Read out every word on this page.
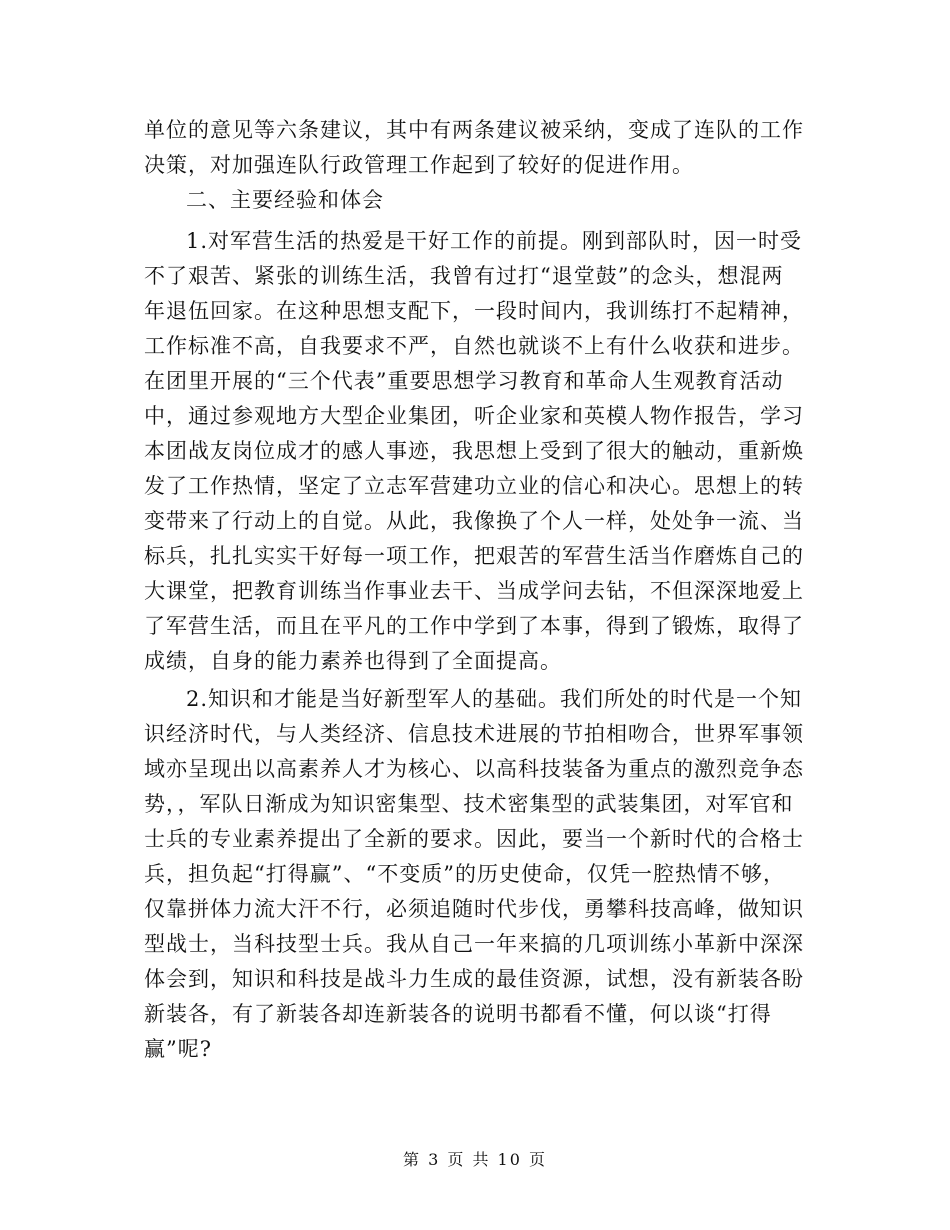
单位的意见等六条建议，其中有两条建议被采纳，变成了连队的工作
决策，对加强连队行政管理工作起到了较好的促进作用。
二、主要经验和体会
1.对军营生活的热爱是干好工作的前提。刚到部队时，因一时受
不了艰苦、紧张的训练生活，我曾有过打“退堂鼓”的念头，想混两
年退伍回家。在这种思想支配下，一段时间内，我训练打不起精神，
工作标准不高，自我要求不严，自然也就谈不上有什么收获和进步。
在团里开展的“三个代表”重要思想学习教育和革命人生观教育活动
中，通过参观地方大型企业集团，听企业家和英模人物作报告，学习
本团战友岗位成才的感人事迹，我思想上受到了很大的触动，重新焕
发了工作热情，坚定了立志军营建功立业的信心和决心。思想上的转
变带来了行动上的自觉。从此，我像换了个人一样，处处争一流、当
标兵，扎扎实实干好每一项工作，把艰苦的军营生活当作磨炼自己的
大课堂，把教育训练当作事业去干、当成学问去钻，不但深深地爱上
了军营生活，而且在平凡的工作中学到了本事，得到了锻炼，取得了
成绩，自身的能力素养也得到了全面提高。
2.知识和才能是当好新型军人的基础。我们所处的时代是一个知
识经济时代，与人类经济、信息技术进展的节拍相吻合，世界军事领
域亦呈现出以高素养人才为核心、以高科技装备为重点的激烈竞争态
势，，军队日渐成为知识密集型、技术密集型的武装集团，对军官和
士兵的专业素养提出了全新的要求。因此，要当一个新时代的合格士
兵，担负起“打得赢”、“不变质”的历史使命，仅凭一腔热情不够，
仅靠拼体力流大汗不行，必须追随时代步伐，勇攀科技高峰，做知识
型战士，当科技型士兵。我从自己一年来搞的几项训练小革新中深深
体会到，知识和科技是战斗力生成的最佳资源，试想，没有新装各盼
新装各，有了新装各却连新装各的说明书都看不懂，何以谈“打得
赢”呢?
第 3 页 共 10 页
